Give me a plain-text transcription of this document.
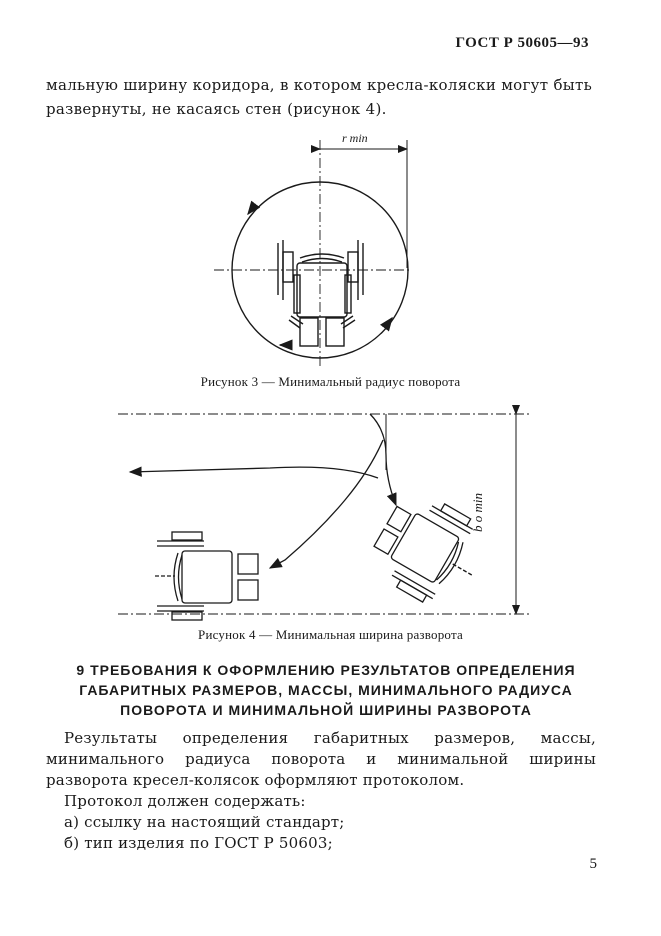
ГОСТ Р 50605—93
мальную ширину коридора, в котором кресла-коляски могут быть развернуты, не касаясь стен (рисунок 4).
r min
b o min
Рисунок 3 — Минимальный радиус поворота
Рисунок 4 — Минимальная ширина разворота
9 ТРЕБОВАНИЯ К ОФОРМЛЕНИЮ РЕЗУЛЬТАТОВ ОПРЕДЕЛЕНИЯ
ГАБАРИТНЫХ РАЗМЕРОВ, МАССЫ, МИНИМАЛЬНОГО РАДИУСА
ПОВОРОТА И МИНИМАЛЬНОЙ ШИРИНЫ РАЗВОРОТА

Результаты определения габаритных размеров, массы, минимального радиуса поворота и минимальной ширины разворота кресел-колясок оформляют протоколом.

Протокол должен содержать:

а) ссылку на настоящий стандарт;

б) тип изделия по ГОСТ Р 50603;

5
